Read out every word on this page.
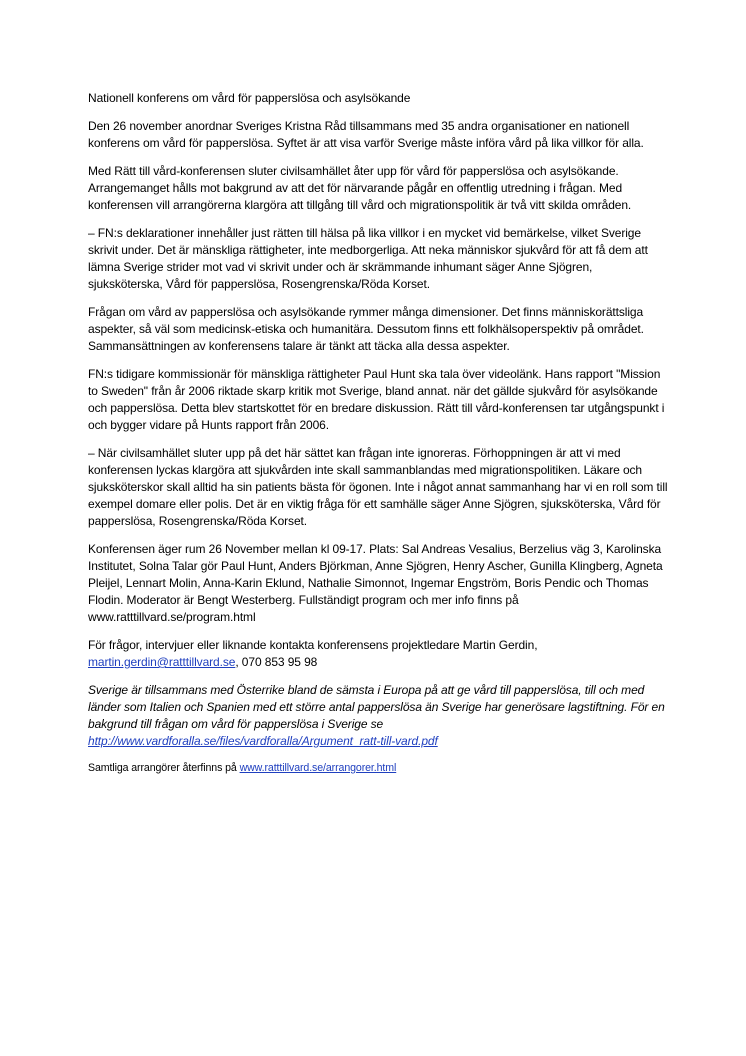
Nationell konferens om vård för papperslösa och asylsökande

Den 26 november anordnar Sveriges Kristna Råd tillsammans med 35 andra organisationer en nationell konferens om vård för papperslösa. Syftet är att visa varför Sverige måste införa vård på lika villkor för alla.

Med Rätt till vård-konferensen sluter civilsamhället åter upp för vård för papperslösa och asylsökande. Arrangemanget hålls mot bakgrund av att det för närvarande pågår en offentlig utredning i frågan. Med konferensen vill arrangörerna klargöra att tillgång till vård och migrationspolitik är två vitt skilda områden.

– FN:s deklarationer innehåller just rätten till hälsa på lika villkor i en mycket vid bemärkelse, vilket Sverige skrivit under. Det är mänskliga rättigheter, inte medborgerliga. Att neka människor sjukvård för att få dem att lämna Sverige strider mot vad vi skrivit under och är skrämmande inhumant säger Anne Sjögren, sjuksköterska, Vård för papperslösa, Rosengrenska/Röda Korset.

Frågan om vård av papperslösa och asylsökande rymmer många dimensioner. Det finns människorättsliga aspekter, så väl som medicinsk-etiska och humanitära. Dessutom finns ett folkhälsoperspektiv på området. Sammansättningen av konferensens talare är tänkt att täcka alla dessa aspekter.

FN:s tidigare kommissionär för mänskliga rättigheter Paul Hunt ska tala över videolänk. Hans rapport "Mission to Sweden" från år 2006 riktade skarp kritik mot Sverige, bland annat. när det gällde sjukvård för asylsökande och papperslösa. Detta blev startskottet för en bredare diskussion. Rätt till vård-konferensen tar utgångspunkt i och bygger vidare på Hunts rapport från 2006.

– När civilsamhället sluter upp på det här sättet kan frågan inte ignoreras. Förhoppningen är att vi med konferensen lyckas klargöra att sjukvården inte skall sammanblandas med migrationspolitiken. Läkare och sjuksköterskor skall alltid ha sin patients bästa för ögonen. Inte i något annat sammanhang har vi en roll som till exempel domare eller polis. Det är en viktig fråga för ett samhälle säger Anne Sjögren, sjuksköterska, Vård för papperslösa, Rosengrenska/Röda Korset.

Konferensen äger rum 26 November mellan kl 09-17. Plats: Sal Andreas Vesalius, Berzelius väg 3, Karolinska Institutet, Solna Talar gör Paul Hunt, Anders Björkman, Anne Sjögren, Henry Ascher, Gunilla Klingberg, Agneta Pleijel, Lennart Molin, Anna-Karin Eklund, Nathalie Simonnot, Ingemar Engström, Boris Pendic och Thomas Flodin. Moderator är Bengt Westerberg. Fullständigt program och mer info finns på www.ratttillvard.se/program.html

För frågor, intervjuer eller liknande kontakta konferensens projektledare Martin Gerdin,
martin.gerdin@ratttillvard.se, 070 853 95 98

Sverige är tillsammans med Österrike bland de sämsta i Europa på att ge vård till papperslösa, till och med länder som Italien och Spanien med ett större antal papperslösa än Sverige har generösare lagstiftning. För en bakgrund till frågan om vård för papperslösa i Sverige se
http://www.vardforalla.se/files/vardforalla/Argument_ratt-till-vard.pdf

Samtliga arrangörer återfinns på www.ratttillvard.se/arrangorer.html
